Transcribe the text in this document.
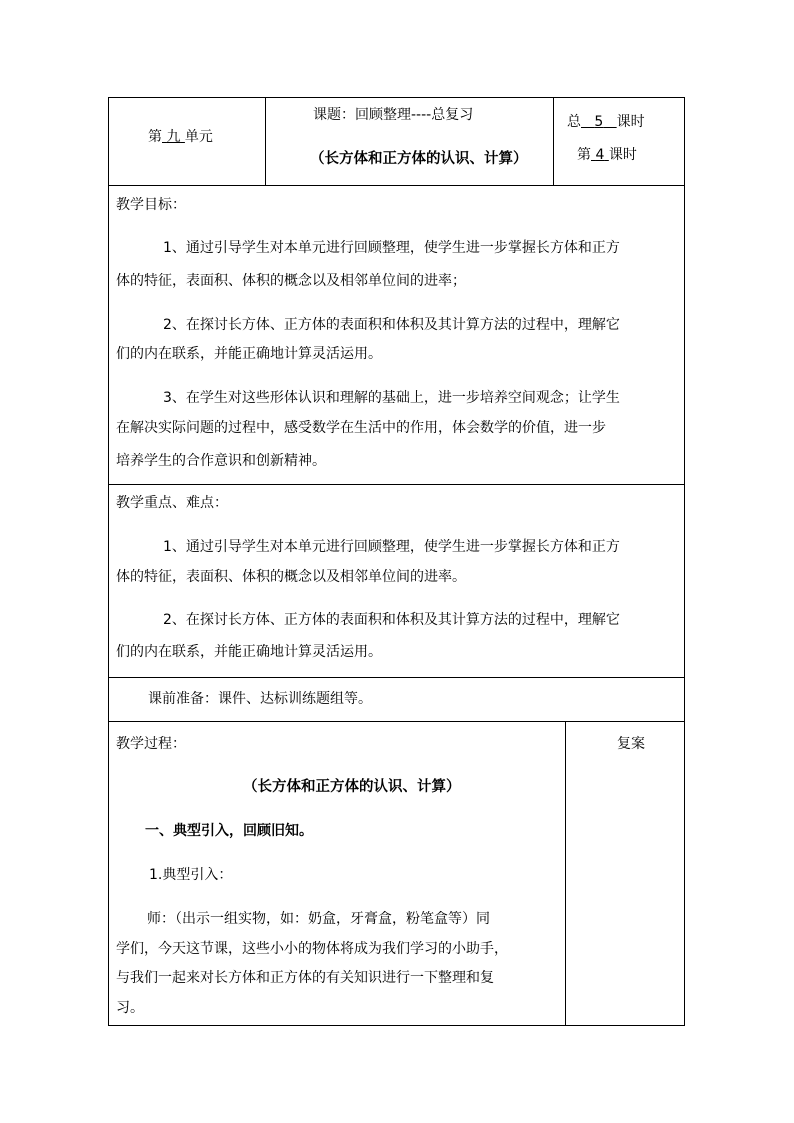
第 九 单元
课题：回顾整理----总复习
（长方体和正方体的认识、计算）
总 5 课时
第 4 课时
教学目标：
1、通过引导学生对本单元进行回顾整理，使学生进一步掌握长方体和正方
体的特征，表面积、体积的概念以及相邻单位间的进率；
2、在探讨长方体、正方体的表面积和体积及其计算方法的过程中，理解它
们的内在联系，并能正确地计算灵活运用。
3、在学生对这些形体认识和理解的基础上，进一步培养空间观念；让学生
在解决实际问题的过程中，感受数学在生活中的作用，体会数学的价值，进一步
培养学生的合作意识和创新精神。
教学重点、难点：
1、通过引导学生对本单元进行回顾整理，使学生进一步掌握长方体和正方
体的特征，表面积、体积的概念以及相邻单位间的进率。
2、在探讨长方体、正方体的表面积和体积及其计算方法的过程中，理解它
们的内在联系，并能正确地计算灵活运用。
课前准备：课件、达标训练题组等。
教学过程：	复案
（长方体和正方体的认识、计算）
一、典型引入，回顾旧知。
1.典型引入：
师：（出示一组实物，如：奶盒，牙膏盒，粉笔盒等）同
学们，今天这节课，这些小小的物体将成为我们学习的小助手，
与我们一起来对长方体和正方体的有关知识进行一下整理和复
习。
